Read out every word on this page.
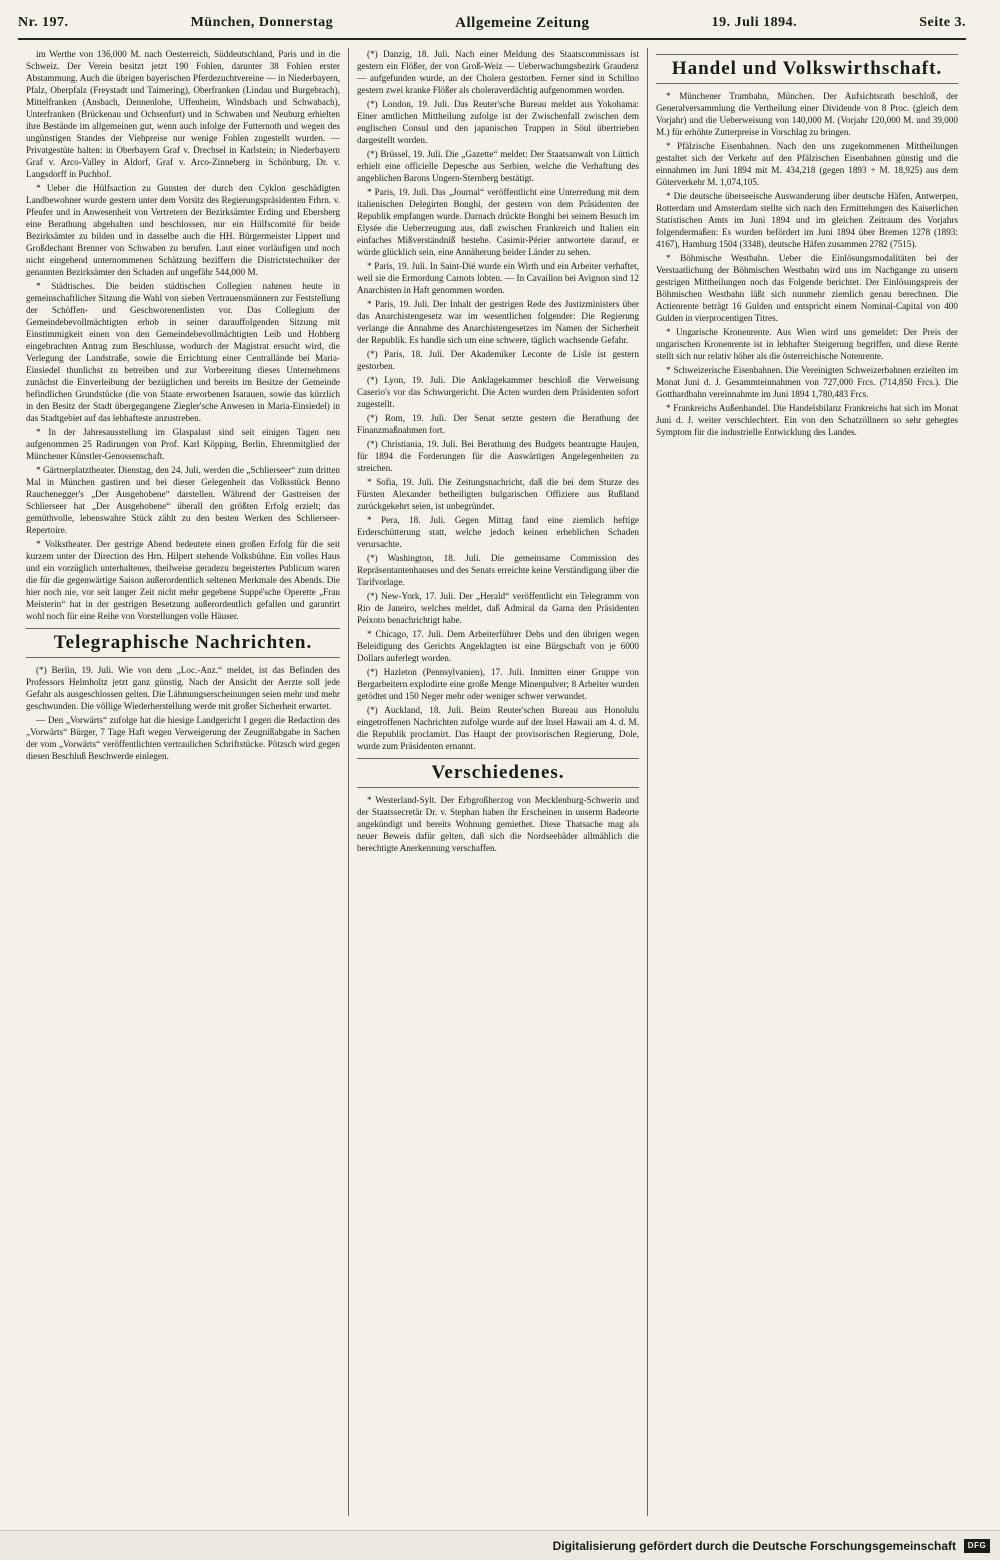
Nr. 197.	München, Donnerstag	Allgemeine Zeitung	19. Juli 1894.	Seite 3.

im Werthe von 136,000 M. nach Oesterreich, Süddeutschland, Paris und in die Schweiz. Der Verein besitzt jetzt 190 Fohlen, darunter 38 Fohlen erster Abstammung. Auch die übrigen bayerischen Pferdezuchtvereine — in Niederbayern, Pfalz, Oberpfalz (Freystadt und Taimering), Oberfranken (Lindau und Burgebrach), Mittelfranken (Ansbach, Dennenlohe, Uffenheim, Windsbach und Schwabach), Unterfranken (Brückenau und Ochsenfurt) und in Schwaben und Neuburg erhielten ihre Bestände im allgemeinen gut, wenn auch infolge der Futternoth und wegen des ungünstigen Standes der Viehpreise nur wenige Fohlen zugestellt wurden. — Privatgestüte halten: in Oberbayern Graf v. Drechsel in Karlstein; in Niederbayern Graf v. Arco-Valley in Aldorf, Graf v. Arco-Zinneberg in Schönburg, Dr. v. Langsdorff in Puchhof.

* Ueber die Hülfsaction zu Gunsten der durch den Cyklon geschädigten Landbewohner wurde gestern unter dem Vorsitz des Regierungspräsidenten Frhrn. v. Pfeufer und in Anwesenheit von Vertretern der Bezirksämter Erding und Ebersberg eine Berathung abgehalten und beschlossen, nur ein Hülfscomité für beide Bezirksämter zu bilden und in dasselbe auch die HH. Bürgermeister Lippert und Großdechant Brenner von Schwaben zu berufen. Laut einer vorläufigen und noch nicht eingehend unternommenen Schätzung beziffern die Districtstechniker der genannten Bezirksämter den Schaden auf ungefähr 544,000 M.

* Städtisches. Die beiden städtischen Collegien nahmen heute in gemeinschaftlicher Sitzung die Wahl von sieben Vertrauensmännern zur Feststellung der Schöffen- und Geschworenenlisten vor. Das Collegium der Gemeindebevollmächtigten erhob in seiner darauffolgenden Sitzung mit Einstimmigkeit einen von den Gemeindebevollmächtigten Leib und Hohberg eingebrachten Antrag zum Beschlusse, wodurch der Magistrat ersucht wird, die Verlegung der Landstraße, sowie die Errichtung einer Centrallände bei Maria-Einsiedel thunlichst zu betreiben und zur Vorbereitung dieses Unternehmens zunächst die Einverleibung der bezüglichen und bereits im Besitze der Gemeinde befindlichen Grundstücke (die von Staate erworbenen Isarauen, sowie das kürzlich in den Besitz der Stadt übergegangene Ziegler'sche Anwesen in Maria-Einsiedel) in das Stadtgebiet auf das lebhafteste anzustreben.

* In der Jahresausstellung im Glaspalast sind seit einigen Tagen neu aufgenommen 25 Radirungen von Prof. Karl Köpping, Berlin, Ehrenmitglied der Münchener Künstler-Genossenschaft.

* Gärtnerplatztheater. Dienstag, den 24. Juli, werden die „Schlierseer“ zum dritten Mal in München gastiren und bei dieser Gelegenheit das Volksstück Benno Rauchenegger's „Der Ausgehobene“ darstellen. Während der Gastreisen der Schlierseer hat „Der Ausgehobene“ überall den größten Erfolg erzielt; das gemüthvolle, lebenswahre Stück zählt zu den besten Werken des Schlierseer-Repertoire.

* Volkstheater. Der gestrige Abend bedeutete einen großen Erfolg für die seit kurzem unter der Direction des Hrn. Hilpert stehende Volksbühne. Ein volles Haus und ein vorzüglich unterhaltenes, theilweise geradezu begeistertes Publicum waren die für die gegenwärtige Saison außerordentlich seltenen Merkmale des Abends. Die hier noch nie, vor seit langer Zeit nicht mehr gegebene Suppé'sche Operette „Frau Meisterin“ hat in der gestrigen Besetzung außerordentlich gefallen und garantirt wohl noch für eine Reihe von Vorstellungen volle Häuser.

Telegraphische Nachrichten.

(*) Berlin, 19. Juli. Wie von dem „Loc.-Anz.“ meldet, ist das Befinden des Professors Helmholtz jetzt ganz günstig. Nach der Ansicht der Aerzte soll jede Gefahr als ausgeschlossen gelten. Die Lähmungserscheinungen seien mehr und mehr geschwunden. Die völlige Wiederherstellung werde mit großer Sicherheit erwartet.

— Den „Vorwärts“ zufolge hat die hiesige Landgericht I gegen die Redaction des „Vorwärts“ Bürger, 7 Tage Haft wegen Verweigerung der Zeugnißabgabe in Sachen der vom „Vorwärts“ veröffentlichten vertraulichen Schriftstücke. Pötzsch wird gegen diesen Beschluß Beschwerde einlegen.

(*) Danzig, 18. Juli. Nach einer Meldung des Staatscommissars ist gestern ein Flößer, der von Groß-Weiz — Ueberwachungsbezirk Graudenz — aufgefunden wurde, an der Cholera gestorben. Ferner sind in Schillno gestern zwei kranke Flößer als choleraverdächtig aufgenommen worden.

(*) London, 19. Juli. Das Reuter'sche Bureau meldet aus Yokohama: Einer amtlichen Mittheilung zufolge ist der Zwischenfall zwischen dem englischen Consul und den japanischen Truppen in Söul übertrieben dargestellt worden.

(*) Brüssel, 19. Juli. Die „Gazette“ meldet: Der Staatsanwalt von Lüttich erhielt eine officielle Depesche aus Serbien, welche die Verhaftung des angeblichen Barons Ungern-Sternberg bestätigt.

* Paris, 19. Juli. Das „Journal“ veröffentlicht eine Unterredung mit dem italienischen Delegirten Bonghi, der gestern von dem Präsidenten der Republik empfangen wurde. Darnach drückte Bonghi bei seinem Besuch im Elysée die Ueberzeugung aus, daß zwischen Frankreich und Italien ein einfaches Mißverständniß bestehe. Casimir-Périer antwortete darauf, er würde glücklich sein, eine Annäherung beider Länder zu sehen.

* Paris, 19. Juli. In Saint-Dié wurde ein Wirth und ein Arbeiter verhaftet, weil sie die Ermordung Carnots lobten. — In Cavaillon bei Avignon sind 12 Anarchisten in Haft genommen worden.

* Paris, 19. Juli. Der Inhalt der gestrigen Rede des Justizministers über das Anarchistengesetz war im wesentlichen folgender: Die Regierung verlange die Annahme des Anarchistengesetzes im Namen der Sicherheit der Republik. Es handle sich um eine schwere, täglich wachsende Gefahr.

(*) Paris, 18. Juli. Der Akademiker Leconte de Lisle ist gestern gestorben.

(*) Lyon, 19. Juli. Die Anklagekammer beschloß die Verweisung Caserio's vor das Schwurgericht. Die Acten wurden dem Präsidenten sofort zugestellt.

(*) Rom, 19. Juli. Der Senat setzte gestern die Berathung der Finanzmaßnahmen fort.

(*) Christiania, 19. Juli. Bei Berathung des Budgets beantragte Haujen, für 1894 die Forderungen für die Auswärtigen Angelegenheiten zu streichen.

* Sofia, 19. Juli. Die Zeitungsnachricht, daß die bei dem Sturze des Fürsten Alexander betheiligten bulgarischen Offiziere aus Rußland zurückgekehrt seien, ist unbegründet.

* Pera, 18. Juli. Gegen Mittag fand eine ziemlich heftige Erderschütterung statt, welche jedoch keinen erheblichen Schaden verursachte.

(*) Washington, 18. Juli. Die gemeinsame Commission des Repräsentantenhauses und des Senats erreichte keine Verständigung über die Tarifvorlage.

(*) New-York, 17. Juli. Der „Herald“ veröffentlicht ein Telegramm von Rio de Janeiro, welches meldet, daß Admiral da Gama den Präsidenten Peixoto benachrichtigt habe.

* Chicago, 17. Juli. Dem Arbeiterführer Debs und den übrigen wegen Beleidigung des Gerichts Angeklagten ist eine Bürgschaft von je 6000 Dollars auferlegt worden.

(*) Hazleton (Pennsylvanien), 17. Juli. Inmitten einer Gruppe von Bergarbeitern explodirte eine große Menge Minenpulver; 8 Arbeiter wurden getödtet und 150 Neger mehr oder weniger schwer verwundet.

(*) Auckland, 18. Juli. Beim Reuter'schen Bureau aus Honolulu eingetroffenen Nachrichten zufolge wurde auf der Insel Hawaii am 4. d. M. die Republik proclamirt. Das Haupt der provisorischen Regierung, Dole, wurde zum Präsidenten ernannt.

Verschiedenes.

* Westerland-Sylt. Der Erbgroßherzog von Mecklenburg-Schwerin und der Staatssecretär Dr. v. Stephan haben ihr Erscheinen in unserm Badeorte angekündigt und bereits Wohnung gemiethet. Diese Thatsache mag als neuer Beweis dafür gelten, daß sich die Nordseebäder allmählich die berechtigte Anerkennung verschaffen.

Handel und Volkswirthschaft.

* Münchener Trambahn, München. Der Aufsichtsrath beschloß, der Generalversammlung die Vertheilung einer Dividende von 8 Proc. (gleich dem Vorjahr) und die Ueberweisung von 140,000 M. (Vorjahr 120,000 M. und 39,000 M.) für erhöhte Zutterpreise in Vorschlag zu bringen.

* Pfälzische Eisenbahnen. Nach den uns zugekommenen Mittheilungen gestaltet sich der Verkehr auf den Pfälzischen Eisenbahnen günstig und die einnahmen im Juni 1894 mit M. 434,218 (gegen 1893 + M. 18,925) aus dem Güterverkehr M. 1,074,105.

* Die deutsche überseeische Auswanderung über deutsche Häfen, Antwerpen, Rotterdam und Amsterdam stellte sich nach den Ermittelungen des Kaiserlichen Statistischen Amts im Juni 1894 und im gleichen Zeitraum des Vorjahrs folgendermaßen: Es wurden befördert im Juni 1894 über Bremen 1278 (1893: 4167), Hamburg 1504 (3348), deutsche Häfen zusammen 2782 (7515).

* Böhmische Westbahn. Ueber die Einlösungsmodalitäten bei der Verstaatlichung der Böhmischen Westbahn wird uns im Nachgange zu unsern gestrigen Mittheilungen noch das Folgende berichtet. Der Einlösungspreis der Böhmischen Westbahn läßt sich nunmehr ziemlich genau berechnen. Die Actienrente beträgt 16 Gulden und entspricht einem Nominal-Capital von 400 Gulden in vierprocentigen Titres.

* Ungarische Kronenrente. Aus Wien wird uns gemeldet: Der Preis der ungarischen Kronenrente ist in lebhafter Steigerung begriffen, und diese Rente stellt sich nur relativ höher als die österreichische Notenrente.

* Schweizerische Eisenbahnen. Die Vereinigten Schweizerbahnen erzielten im Monat Juni d. J. Gesammteinnahmen von 727,000 Frcs. (714,850 Frcs.). Die Gotthardbahn vereinnahmte im Juni 1894 1,780,483 Frcs.

* Frankreichs Außenhandel. Die Handelsbilanz Frankreichs hat sich im Monat Juni d. J. weiter verschlechtert. Ein von den Schatzöllnern so sehr gehegtes Symptom für die industrielle Entwicklung des Landes.

Digitalisierung gefördert durch die Deutsche Forschungsgemeinschaft	DFG
